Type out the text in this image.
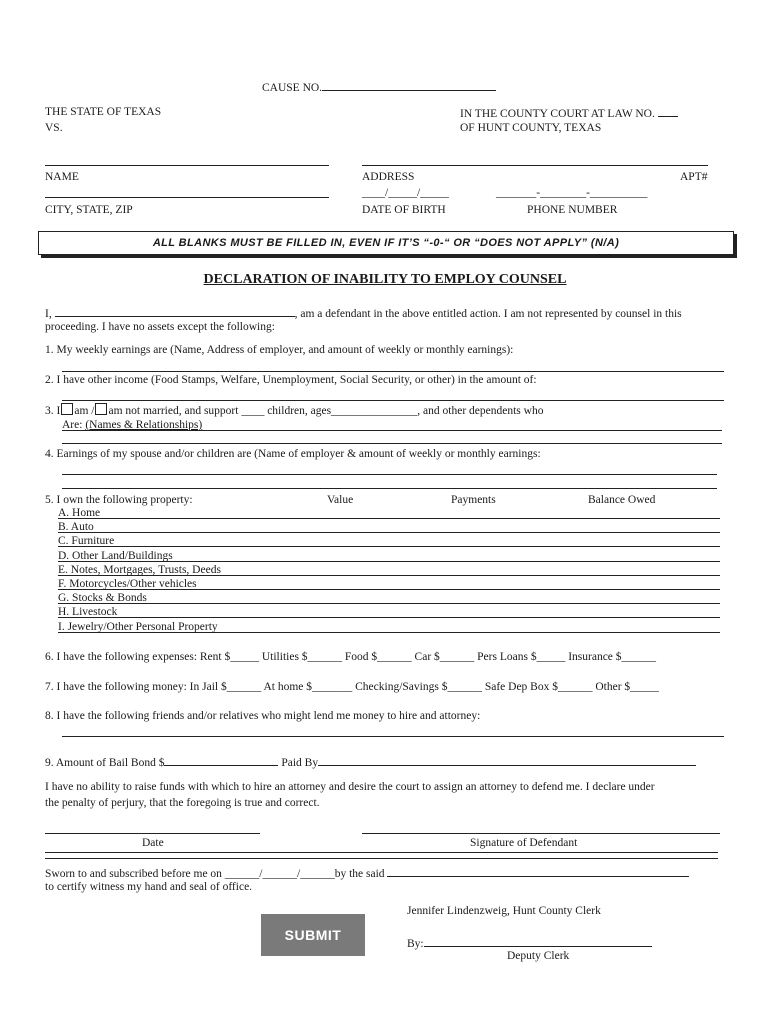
CAUSE NO.
THE STATE OF TEXAS
VS.
IN THE COUNTY COURT AT LAW NO.
OF HUNT COUNTY, TEXAS
NAME	ADDRESS	APT#
____/_____/_____	_______-________-__________
CITY, STATE, ZIP	DATE OF BIRTH	PHONE NUMBER
ALL BLANKS MUST BE FILLED IN, EVEN IF IT’S “-0-“ OR “DOES NOT APPLY” (N/A)
DECLARATION OF INABILITY TO EMPLOY COUNSEL
I,	, am a defendant in the above entitled action. I am not represented by counsel in this
proceeding. I have no assets except the following:
1. My weekly earnings are (Name, Address of employer, and amount of weekly or monthly earnings):
2. I have other income (Food Stamps, Welfare, Unemployment, Social Security, or other) in the amount of:
3. I am / am not married, and support ____ children, ages_______________, and other dependents who
Are: (Names & Relationships)
4. Earnings of my spouse and/or children are (Name of employer & amount of weekly or monthly earnings:
5. I own the following property:	Value	Payments	Balance Owed
A. Home
B. Auto
C. Furniture
D. Other Land/Buildings
E. Notes, Mortgages, Trusts, Deeds
F. Motorcycles/Other vehicles
G. Stocks & Bonds
H. Livestock
I. Jewelry/Other Personal Property
6. I have the following expenses: Rent $_____ Utilities $______ Food $______ Car $______ Pers Loans $_____ Insurance $______
7. I have the following money: In Jail $______ At home $_______ Checking/Savings $______ Safe Dep Box $______ Other $_____
8. I have the following friends and/or relatives who might lend me money to hire and attorney:
9. Amount of Bail Bond $	Paid By
I have no ability to raise funds with which to hire an attorney and desire the court to assign an attorney to defend me. I declare under
the penalty of perjury, that the foregoing is true and correct.
Date	Signature of Defendant
Sworn to and subscribed before me on ______/______/______by the said
to certify witness my hand and seal of office.
Jennifer Lindenzweig, Hunt County Clerk
By:
Deputy Clerk
SUBMIT
